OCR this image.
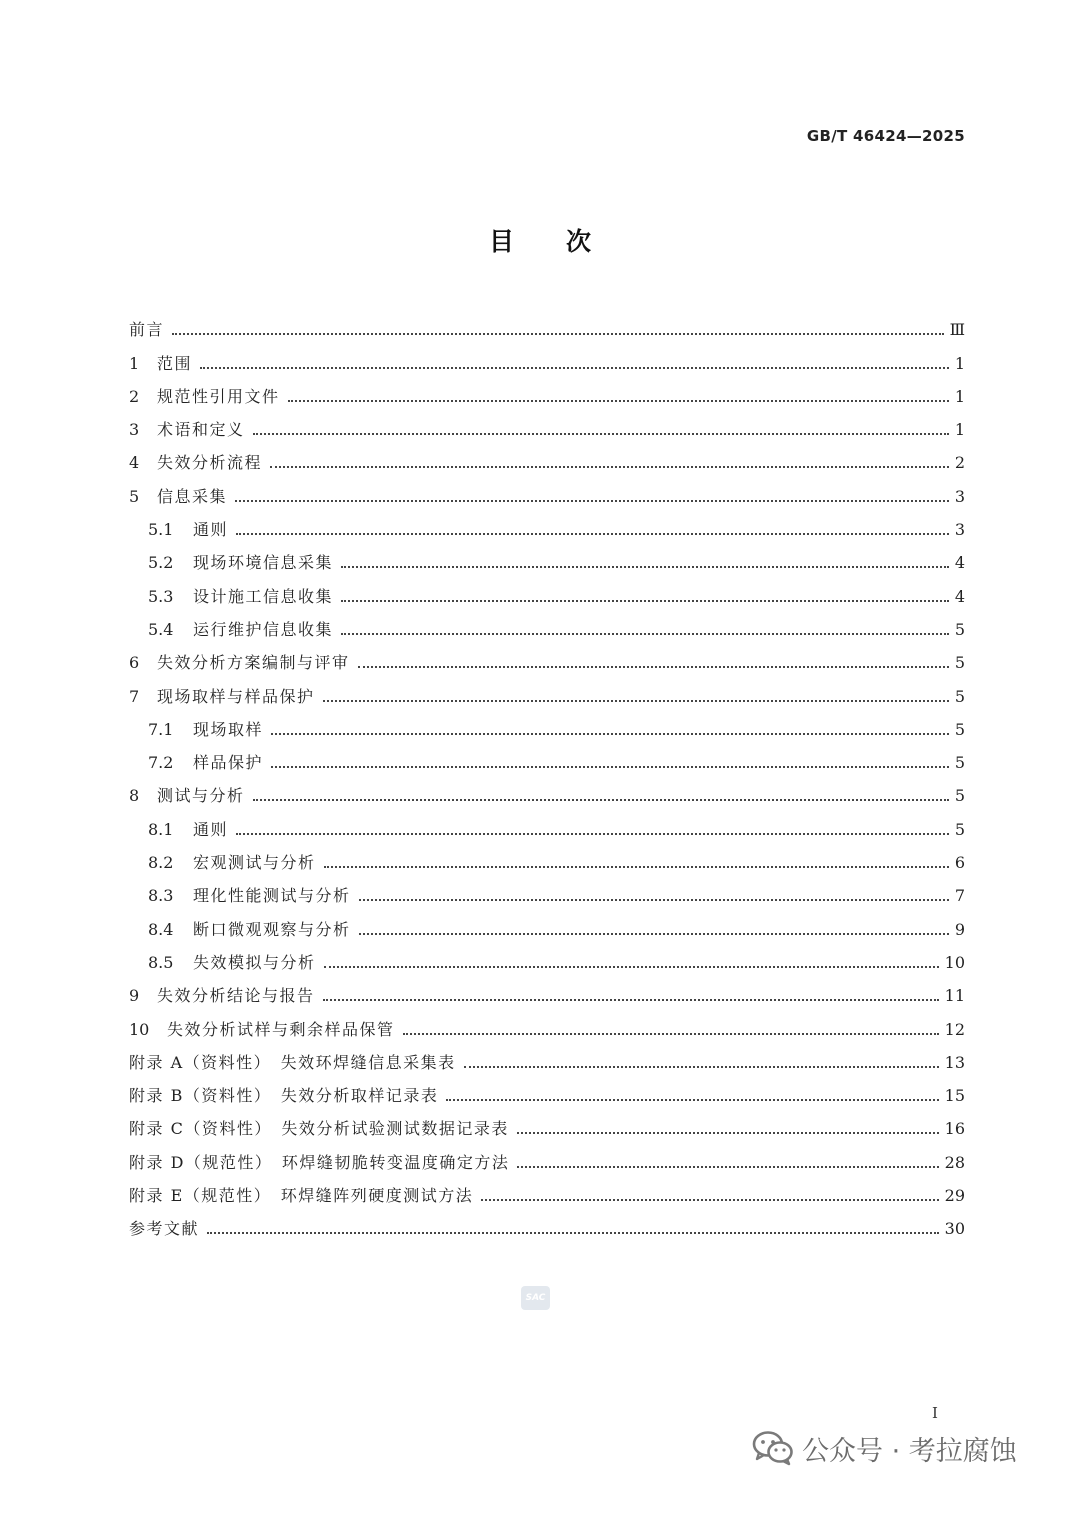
GB/T 46424—2025
目次
前言	Ⅲ
1	范围	1
2	规范性引用文件	1
3	术语和定义	1
4	失效分析流程	2
5	信息采集	3
5.1	通则	3
5.2	现场环境信息采集	4
5.3	设计施工信息收集	4
5.4	运行维护信息收集	5
6	失效分析方案编制与评审	5
7	现场取样与样品保护	5
7.1	现场取样	5
7.2	样品保护	5
8	测试与分析	5
8.1	通则	5
8.2	宏观测试与分析	6
8.3	理化性能测试与分析	7
8.4	断口微观观察与分析	9
8.5	失效模拟与分析	10
9	失效分析结论与报告	11
10	失效分析试样与剩余样品保管	12
附录 A（资料性）　失效环焊缝信息采集表	13
附录 B（资料性）　失效分析取样记录表	15
附录 C（资料性）　失效分析试验测试数据记录表	16
附录 D（规范性）　环焊缝韧脆转变温度确定方法	28
附录 E（规范性）　环焊缝阵列硬度测试方法	29
参考文献	30
SAC
I
公众号 · 考拉腐蚀
